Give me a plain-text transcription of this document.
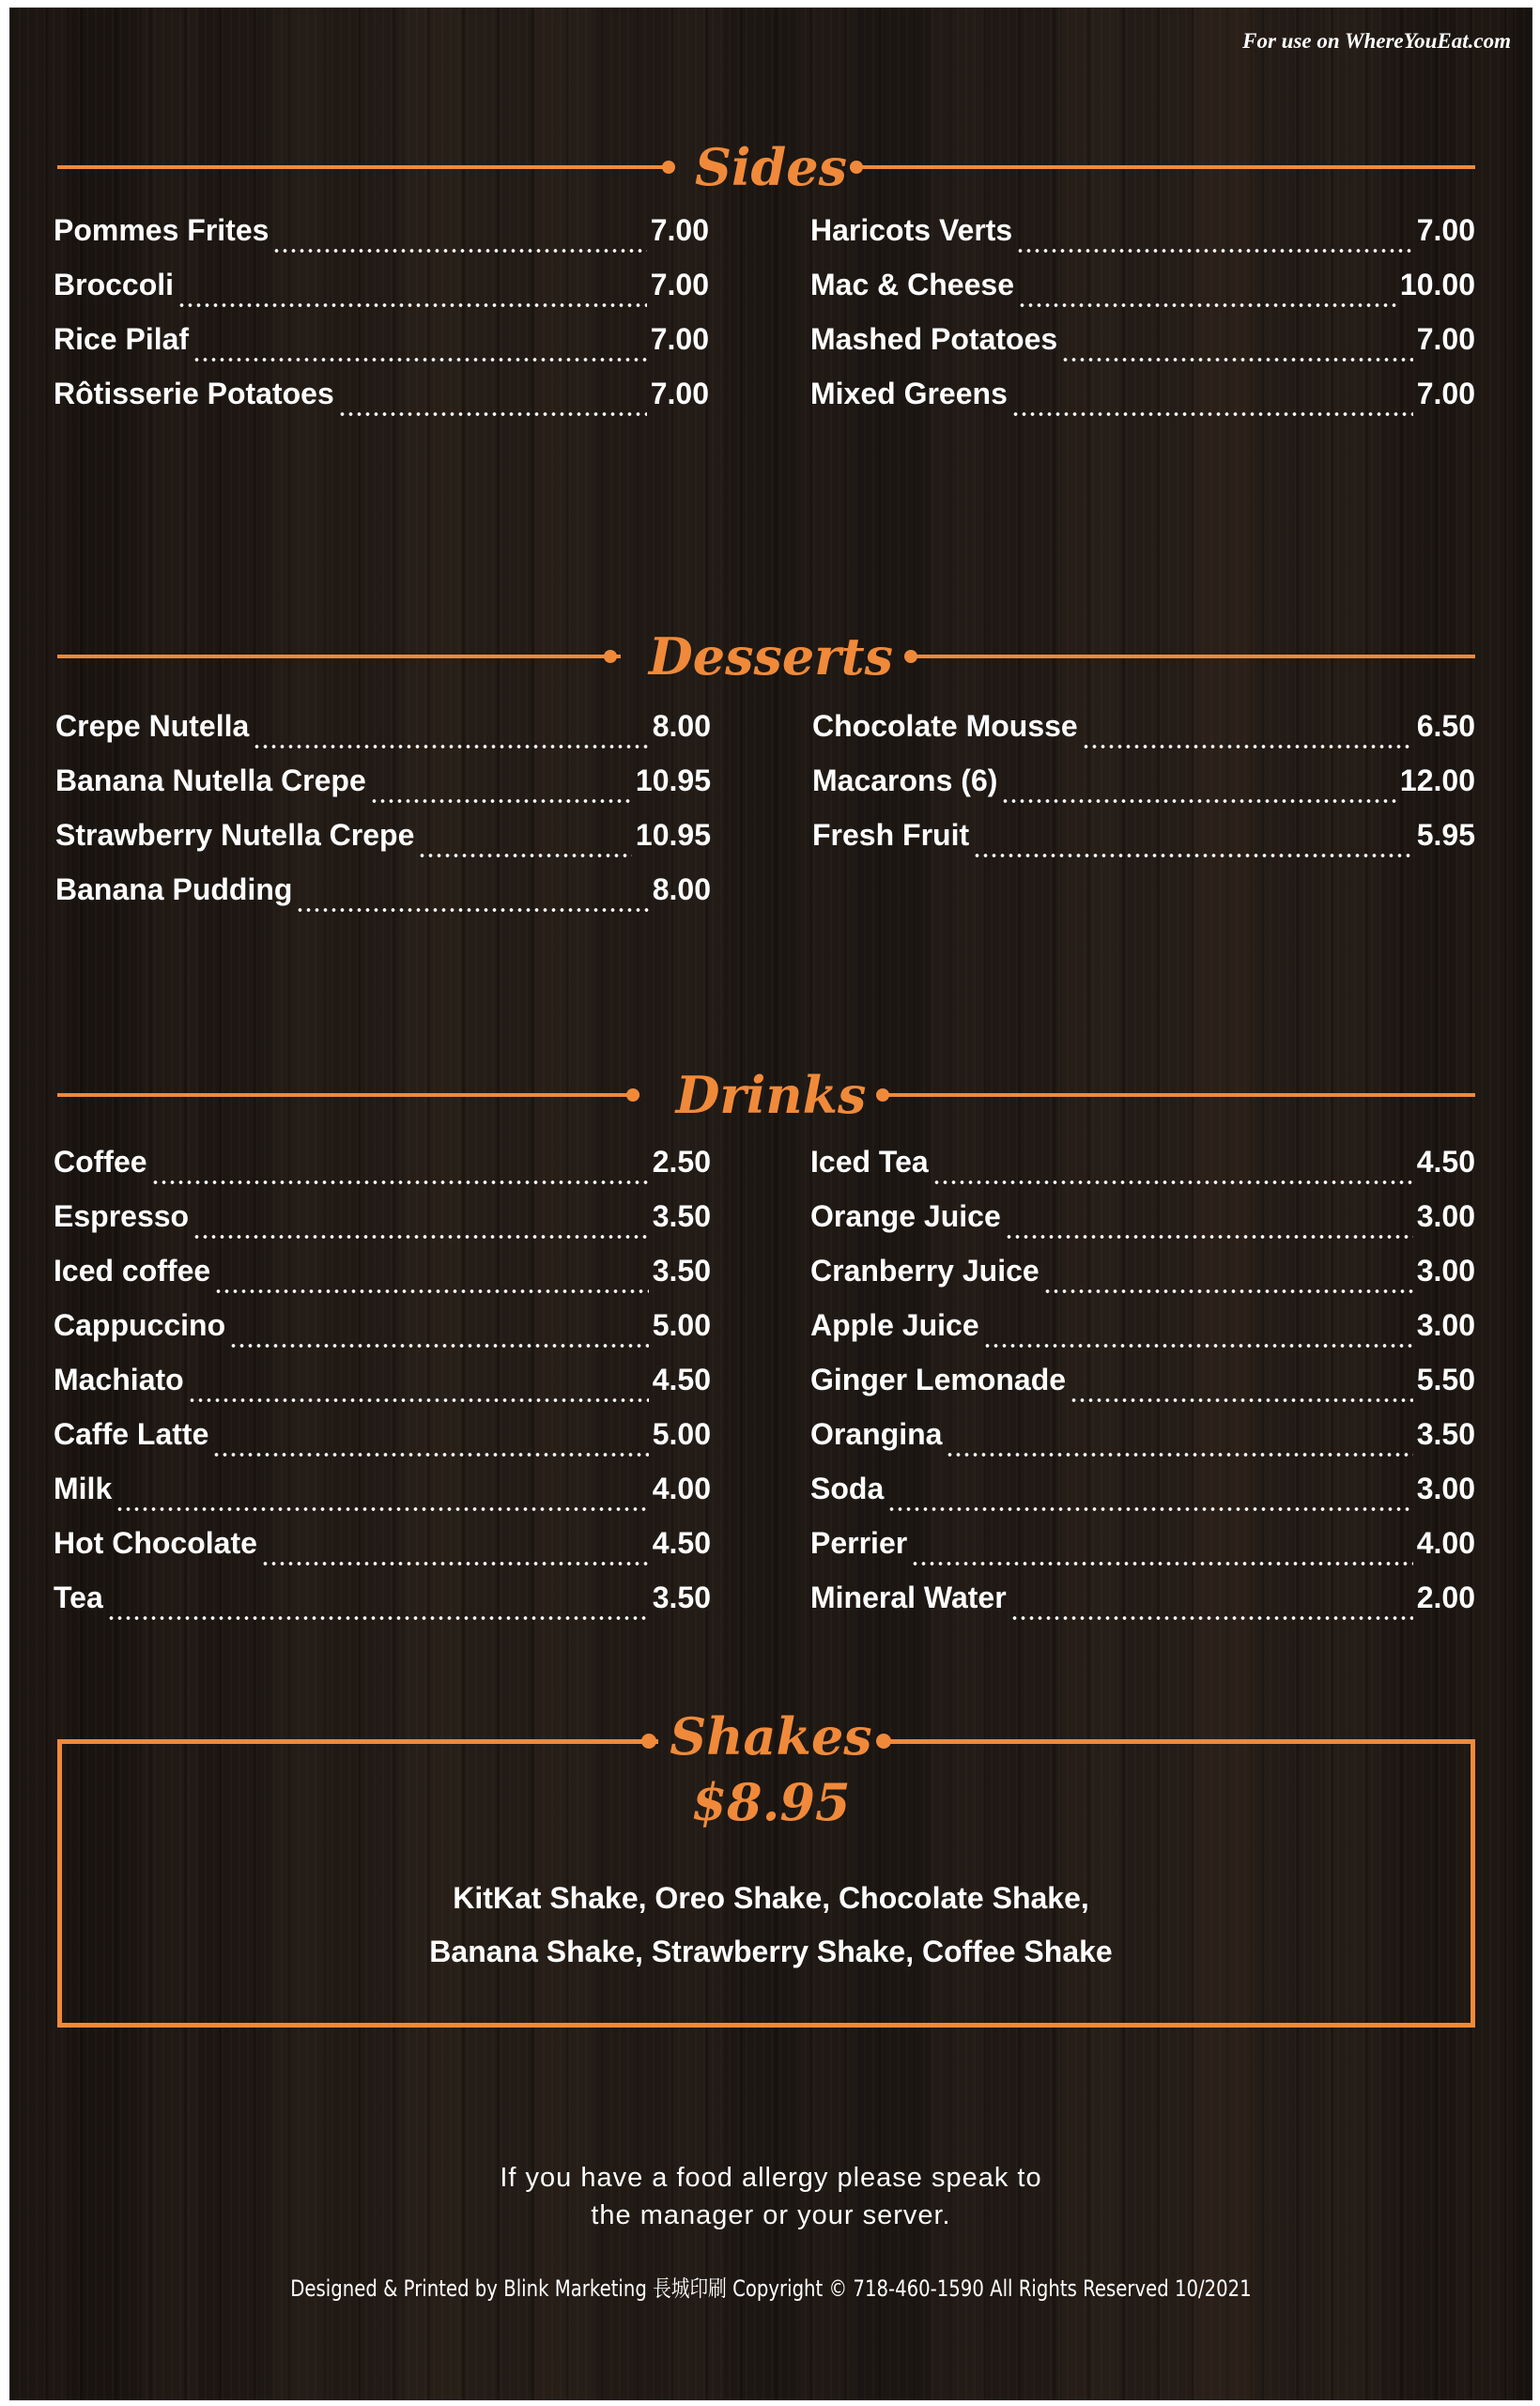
For use on WhereYouEat.com
Sides
Pommes Frites	7.00
Broccoli	7.00
Rice Pilaf	7.00
Rôtisserie Potatoes	7.00
Haricots Verts	7.00
Mac & Cheese	10.00
Mashed Potatoes	7.00
Mixed Greens	7.00
Desserts
Crepe Nutella	8.00
Banana Nutella Crepe	10.95
Strawberry Nutella Crepe	10.95
Banana Pudding	8.00
Chocolate Mousse	6.50
Macarons (6)	12.00
Fresh Fruit	5.95
Drinks
Coffee	2.50
Espresso	3.50
Iced coffee	3.50
Cappuccino	5.00
Machiato	4.50
Caffe Latte	5.00
Milk	4.00
Hot Chocolate	4.50
Tea	3.50
Iced Tea	4.50
Orange Juice	3.00
Cranberry Juice	3.00
Apple Juice	3.00
Ginger Lemonade	5.50
Orangina	3.50
Soda	3.00
Perrier	4.00
Mineral Water	2.00
Shakes
$8.95
KitKat Shake, Oreo Shake, Chocolate Shake,
Banana Shake, Strawberry Shake, Coffee Shake
If you have a food allergy please speak to
the manager or your server.
Designed & Printed by Blink Marketing 長城印刷 Copyright © 718-460-1590 All Rights Reserved 10/2021
